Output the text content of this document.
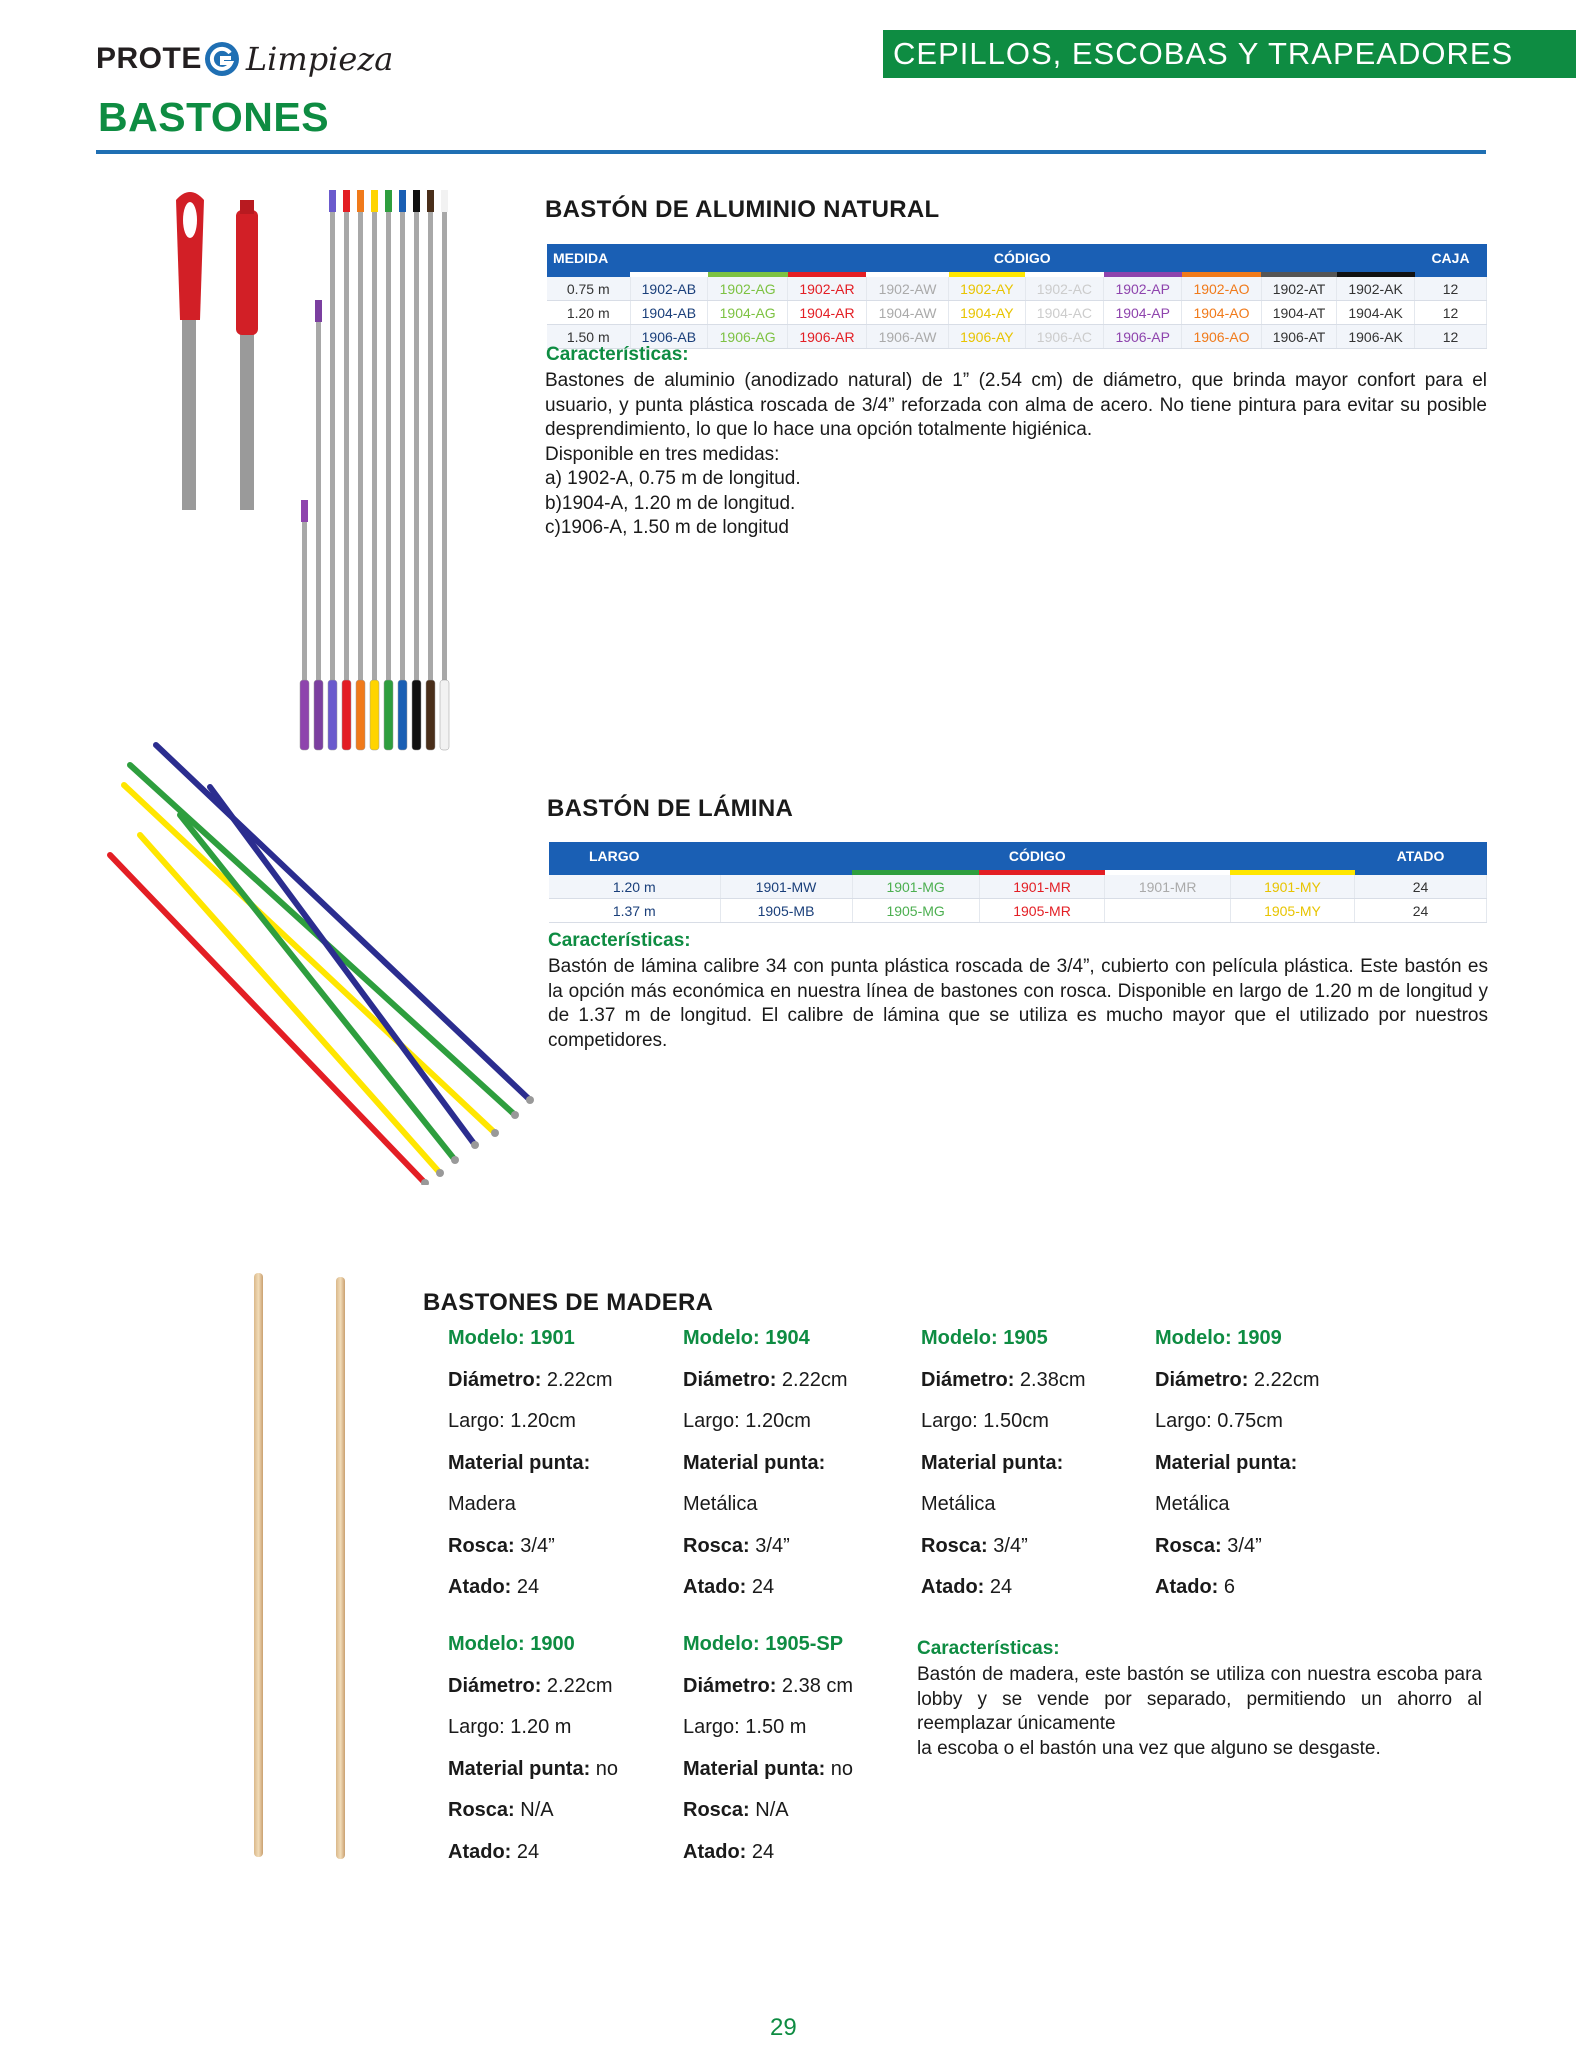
PROTE Limpieza	CEPILLOS, ESCOBAS Y TRAPEADORES
BASTONES
BASTÓN DE ALUMINIO NATURAL
MEDIDA	CÓDIGO										CAJA

0.75 m	1902-AB	1902-AG	1902-AR	1902-AW	1902-AY	1902-AC	1902-AP	1902-AO	1902-AT	1902-AK	12
1.20 m	1904-AB	1904-AG	1904-AR	1904-AW	1904-AY	1904-AC	1904-AP	1904-AO	1904-AT	1904-AK	12
1.50 m	1906-AB	1906-AG	1906-AR	1906-AW	1906-AY	1906-AC	1906-AP	1906-AO	1906-AT	1906-AK	12
Características:

Bastones de aluminio (anodizado natural) de 1” (2.54 cm) de diámetro, que brinda mayor confort para el usuario, y punta plástica roscada de 3/4” reforzada con alma de acero. No tiene pintura para evitar su posible desprendimiento, lo que lo hace una opción totalmente higiénica.

Disponible en tres medidas:

a) 1902-A, 0.75 m de longitud.

b)1904-A, 1.20 m de longitud.

c)1906-A, 1.50 m de longitud

BASTÓN DE LÁMINA
LARGO	CÓDIGO					ATADO

1.20 m	1901-MW	1901-MG	1901-MR	1901-MR	1901-MY	24
1.37 m	1905-MB	1905-MG	1905-MR		1905-MY	24
Características:

Bastón de lámina calibre 34 con punta plástica roscada de 3/4”, cubierto con película plástica. Este bastón es la opción más económica en nuestra línea de bastones con rosca. Disponible en largo de 1.20 m de longitud y de 1.37 m de longitud. El calibre de lámina que se utiliza es mucho mayor que el utilizado por nuestros competidores.

BASTONES DE MADERA
Modelo: 1901
Diámetro: 2.22cm
Largo: 1.20cm
Material punta:
Madera
Rosca: 3/4”
Atado: 24
Modelo: 1904
Diámetro: 2.22cm
Largo: 1.20cm
Material punta:
Metálica
Rosca: 3/4”
Atado: 24
Modelo: 1905
Diámetro: 2.38cm
Largo: 1.50cm
Material punta:
Metálica
Rosca: 3/4”
Atado: 24
Modelo: 1909
Diámetro: 2.22cm
Largo: 0.75cm
Material punta:
Metálica
Rosca: 3/4”
Atado: 6
Modelo: 1900
Diámetro: 2.22cm
Largo: 1.20 m
Material punta: no
Rosca: N/A
Atado: 24
Modelo: 1905-SP
Diámetro: 2.38 cm
Largo: 1.50 m
Material punta: no
Rosca: N/A
Atado: 24
Características:

Bastón de madera, este bastón se utiliza con nuestra escoba para lobby y se vende por separado, permitiendo un ahorro al reemplazar únicamente

la escoba o el bastón una vez que alguno se desgaste.

29
